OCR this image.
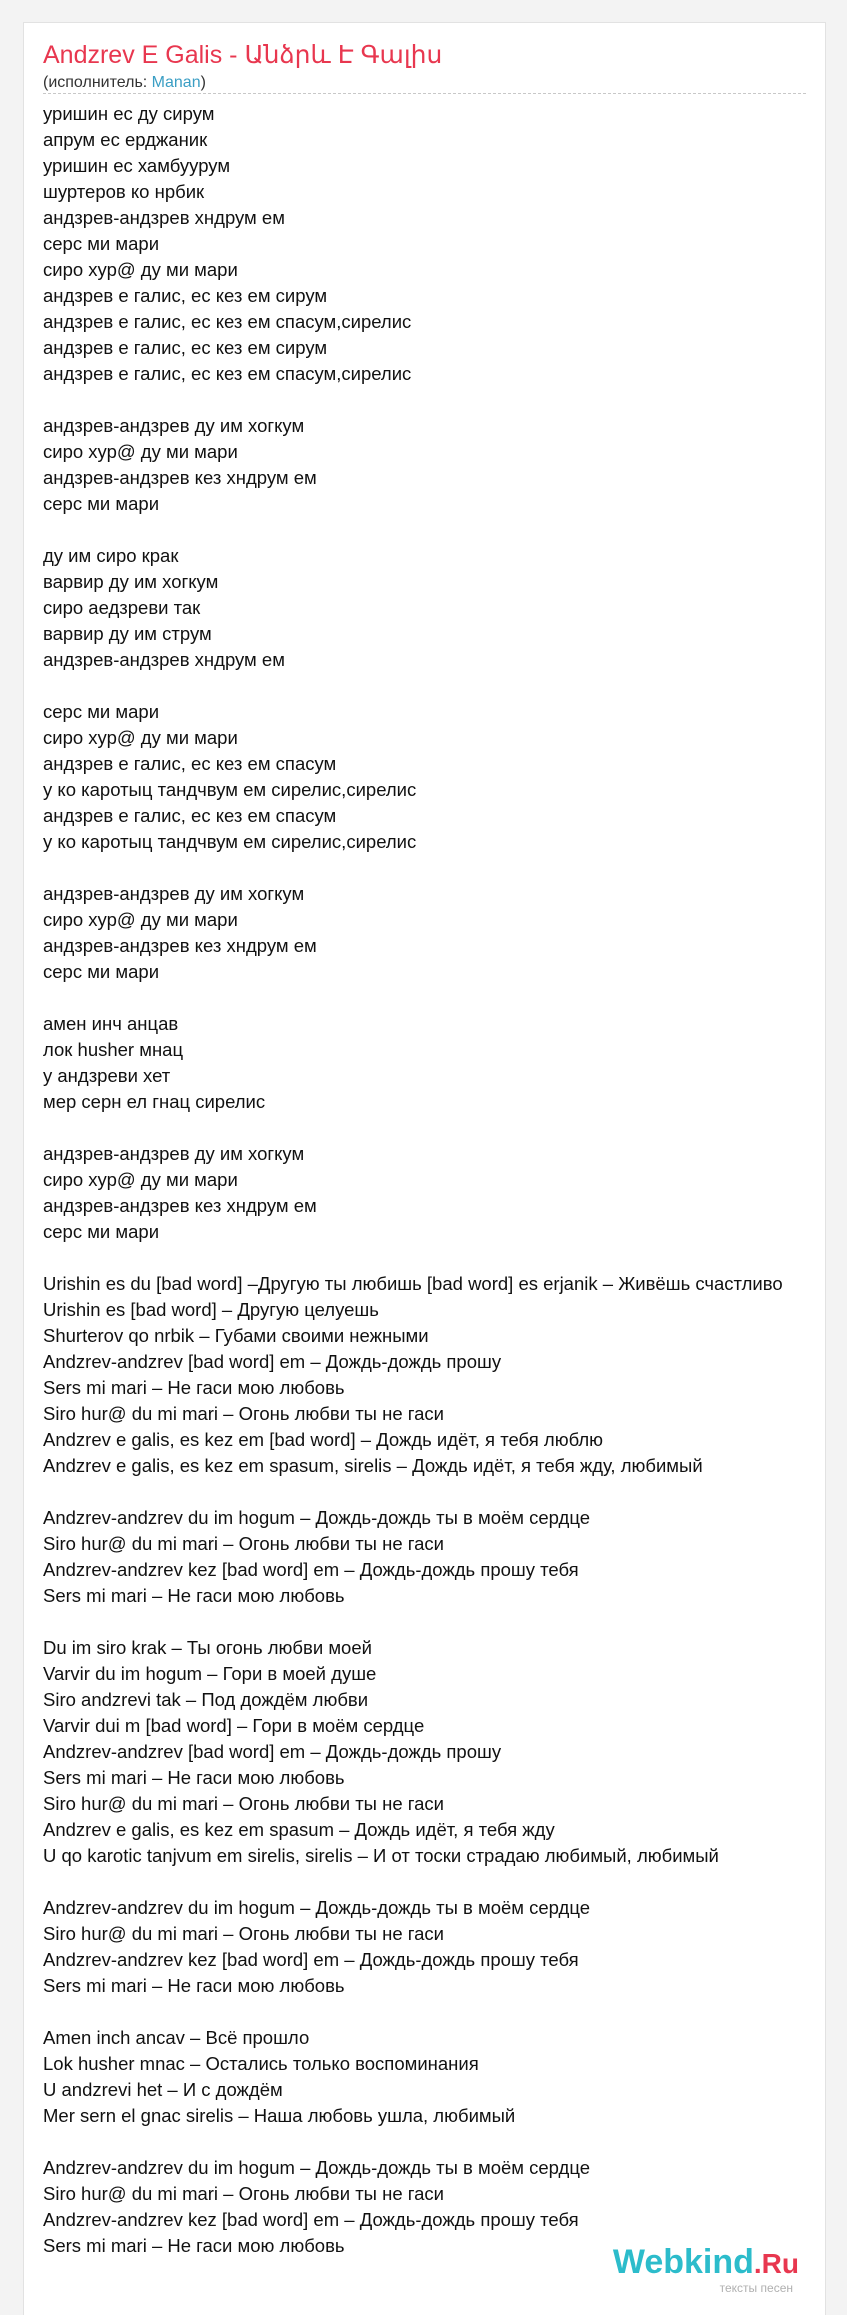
Andzrev E Galis - Անձրև Է Գալիս
(исполнитель: Manan)
уришин ес ду сирум
апрум ес ерджаник
уришин ес хамбуурум
шуртеров ко нрбик
андзрев-андзрев хндрум ем
серс ми мари
сиро хур@ ду ми мари
андзрев е галис, ес кез ем сирум
андзрев е галис, ес кез ем спасум,сирелис
андзрев е галис, ес кез ем сирум
андзрев е галис, ес кез ем спасум,сирелис
андзрев-андзрев ду им хогкум
сиро хур@ ду ми мари
андзрев-андзрев кез хндрум ем
серс ми мари
ду им сиро крак
варвир ду им хогкум
сиро аедзреви так
варвир ду им струм
андзрев-андзрев хндрум ем
серс ми мари
сиро хур@ ду ми мари
андзрев е галис, ес кез ем спасум
у ко каротыц тандчвум ем сирелис,сирелис
андзрев е галис, ес кез ем спасум
у ко каротыц тандчвум ем сирелис,сирелис
андзрев-андзрев ду им хогкум
сиро хур@ ду ми мари
андзрев-андзрев кез хндрум ем
серс ми мари
амен инч анцав
лок husher мнац
у андзреви хет
мер серн ел гнац сирелис
андзрев-андзрев ду им хогкум
сиро хур@ ду ми мари
андзрев-андзрев кез хндрум ем
серс ми мари
Urishin es du [bad word] –Другую ты любишь [bad word] es erjanik – Живёшь счастливо
Urishin es [bad word] – Другую целуешь
Shurterov qo nrbik – Губами своими нежными
Andzrev-andzrev [bad word] em – Дождь-дождь прошу
Sers mi mari – Не гаси мою любовь
Siro hur@ du mi mari – Огонь любви ты не гаси
Andzrev e galis, es kez em [bad word] – Дождь идёт, я тебя люблю
Andzrev e galis, es kez em spasum, sirelis – Дождь идёт, я тебя жду, любимый
Andzrev-andzrev du im hogum – Дождь-дождь ты в моём сердце
Siro hur@ du mi mari – Огонь любви ты не гаси
Andzrev-andzrev kez [bad word] em – Дождь-дождь прошу тебя
Sers mi mari – Не гаси мою любовь
Du im siro krak – Ты огонь любви моей
Varvir du im hogum – Гори в моей душе
Siro andzrevi tak – Под дождём любви
Varvir dui m [bad word] – Гори в моём сердце
Andzrev-andzrev [bad word] em – Дождь-дождь прошу
Sers mi mari – Не гаси мою любовь
Siro hur@ du mi mari – Огонь любви ты не гаси
Andzrev e galis, es kez em spasum – Дождь идёт, я тебя жду
U qo karotic tanjvum em sirelis, sirelis – И от тоски страдаю любимый, любимый
Andzrev-andzrev du im hogum – Дождь-дождь ты в моём сердце
Siro hur@ du mi mari – Огонь любви ты не гаси
Andzrev-andzrev kez [bad word] em – Дождь-дождь прошу тебя
Sers mi mari – Не гаси мою любовь
Amen inch ancav – Всё прошло
Lok husher mnac – Остались только воспоминания
U andzrevi het – И с дождём
Mer sern el gnac sirelis – Наша любовь ушла, любимый
Andzrev-andzrev du im hogum – Дождь-дождь ты в моём сердце
Siro hur@ du mi mari – Огонь любви ты не гаси
Andzrev-andzrev kez [bad word] em – Дождь-дождь прошу тебя
Sers mi mari – Не гаси мою любовь	Webkind.Ru
тексты песен
